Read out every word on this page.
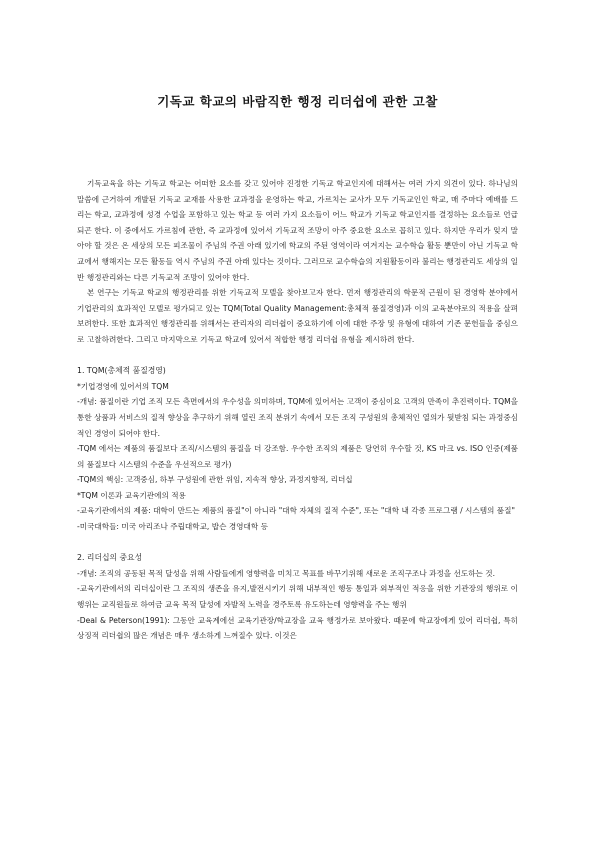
기독교 학교의 바람직한 행정 리더쉽에 관한 고찰

기독교육을 하는 기독교 학교는 어떠한 요소를 갖고 있어야 진정한 기독교 학교인지에 대해서는 여러 가지 의견이 있다. 하나님의 말씀에 근거하여 개발된 기독교 교재를 사용한 교과정을 운영하는 학교, 가르치는 교사가 모두 기독교인인 학교, 매 주마다 예배를 드리는 학교, 교과정에 성경 수업을 포함하고 있는 학교 등 여러 가지 요소들이 어느 학교가 기독교 학교인지를 결정하는 요소들로 언급되곤 한다. 이 중에서도 가르침에 관한, 즉 교과정에 있어서 기독교적 조망이 아주 중요한 요소로 꼽히고 있다. 하지만 우리가 잊지 말아야 할 것은 온 세상의 모든 피조물이 주님의 주권 아래 있기에 학교의 주된 영역이라 여겨지는 교수학습 활동 뿐만이 아닌 기독교 학교에서 행해지는 모든 활동들 역시 주님의 주권 아래 있다는 것이다. 그러므로 교수학습의 지원활동이라 불리는 행정관리도 세상의 일반 행정관리와는 다른 기독교적 조망이 있어야 한다.

본 연구는 기독교 학교의 행정관리를 위한 기독교적 모델을 찾아보고자 한다. 먼저 행정관리의 학문적 근원이 된 경영학 분야에서 기업관리의 효과적인 모델로 평가되고 있는 TQM(Total Quality Management:총체적 품질경영)과 이의 교육분야로의 적용을 살펴보려한다. 또한 효과적인 행정관리를 위해서는 관리자의 리더쉽이 중요하기에 이에 대한 주장 및 유형에 대하여 기존 문헌들을 중심으로 고찰하려한다. 그리고 마지막으로 기독교 학교에 있어서 적합한 행정 리더쉽 유형을 제시하려 한다.

1. TQM(총체적 품질경영)

*기업경영에 있어서의 TQM

-개념: 품질이란 기업 조직 모든 측면에서의 우수성을 의미하며, TQM에 있어서는 고객이 중심이요 고객의 만족이 추진력이다. TQM을 통한 상품과 서비스의 질적 향상을 추구하기 위해 열린 조직 분위기 속에서 모든 조직 구성원의 총체적인 열의가 뒷받침 되는 과정중심적인 경영이 되어야 한다.

-TQM 에서는 제품의 품질보다 조직/시스템의 품질을 더 강조함. 우수한 조직의 제품은 당연히 우수할 것, KS 마크 vs. ISO 인증(제품의 품질보다 시스템의 수준을 우선적으로 평가)

-TQM의 핵심: 고객중심, 하부 구성원에 관한 위임, 지속적 향상, 과정지향적, 리더십

*TQM 이론과 교육기관에의 적용

-교육기관에서의 제품: 대학이 만드는 제품의 품질"이 아니라 "대학 자체의 질적 수준", 또는 "대학 내 각종 프로그램 / 시스템의 품질"

-미국대학들: 미국 아리조나 주립대학교, 밥슨 경영대학 등

2. 리더십의 중요성

-개념: 조직의 공동된 목적 달성을 위해 사람들에게 영향력을 미치고 목표를 바꾸기위해 새로운 조직구조나 과정을 선도하는 것.

-교육기관에서의 리더십이란 그 조직의 생존을 유지,발전시키기 위해 내부적인 행동 통일과 외부적인 적응을 위한 기관장의 행위로 이 행위는 교직원들로 하여금 교육 목적 달성에 자발적 노력을 경주토록 유도하는데 영향력을 주는 행위

-Deal & Peterson(1991): 그동안 교육계에선 교육기관장/학교장을 교육 행정가로 보아왔다. 때문에 학교장에게 있어 리더쉽, 특히 상징적 리더쉽의 많은 개념은 매우 생소하게 느껴질수 있다. 이것은
